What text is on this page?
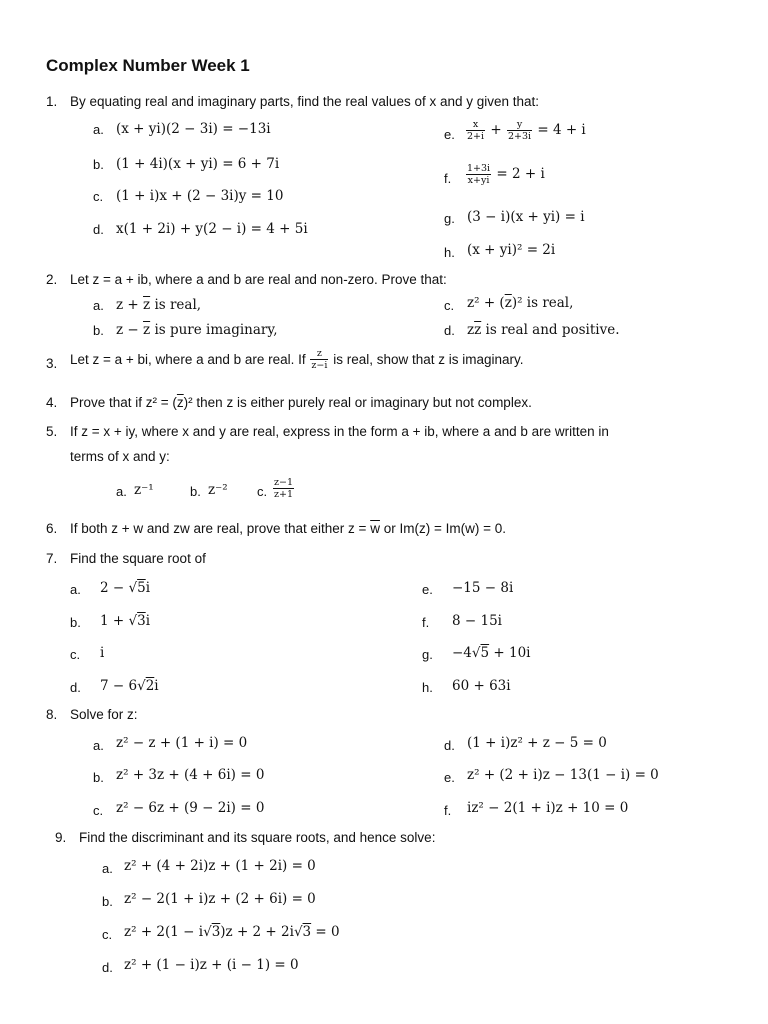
Complex Number Week 1
1. By equating real and imaginary parts, find the real values of x and y given that:
a. (x + yi)(2 − 3i) = −13i
b. (1 + 4i)(x + yi) = 6 + 7i
c. (1 + i)x + (2 − 3i)y = 10
d. x(1 + 2i) + y(2 − i) = 4 + 5i
e. $\frac{x}{2+i} + \frac{y}{2+3i} = 4 + i$
f. $\frac{1+3i}{x+yi} = 2 + i$
g. (3 − i)(x + yi) = i
h. (x + yi)² = 2i
2. Let z = a + ib, where a and b are real and non-zero. Prove that:
a. $z + \overline{z}$ is real,
b. $z - \overline{z}$ is pure imaginary,
c. $z^2 + (\overline{z})^2$ is real,
d. $z\overline{z}$ is real and positive.
3. Let z = a + bi, where a and b are real. If $\frac{z}{z-i}$ is real, show that z is imaginary.
4. Prove that if $z^2 = (\overline{z})^2$ then z is either purely real or imaginary but not complex.
5. If z = x + iy, where x and y are real, express in the form a + ib, where a and b are written in
terms of x and y:
a. z⁻¹	b. z⁻² c. $\frac{z-1}{z+1}$
6. If both z + w and zw are real, prove that either $z = \overline{w}$ or Im(z) = Im(w) = 0.
7. Find the square root of
a. 2 − √5i
b. 1 + √3i
c. i
d. 7 − 6√2i
e. −15 − 8i
f. 8 − 15i
g. −4√5 + 10i
h. 60 + 63i
8. Solve for z:
a. z² − z + (1 + i) = 0
b. z² + 3z + (4 + 6i) = 0
c. z² − 6z + (9 − 2i) = 0
d. (1 + i)z² + z − 5 = 0
e. z² + (2 + i)z − 13(1 − i) = 0
f. iz² − 2(1 + i)z + 10 = 0
9. Find the discriminant and its square roots, and hence solve:
a. z² + (4 + 2i)z + (1 + 2i) = 0
b. z² − 2(1 + i)z + (2 + 6i) = 0
c. z² + 2(1 − i√3)z + 2 + 2i√3 = 0
d. z² + (1 − i)z + (i − 1) = 0
